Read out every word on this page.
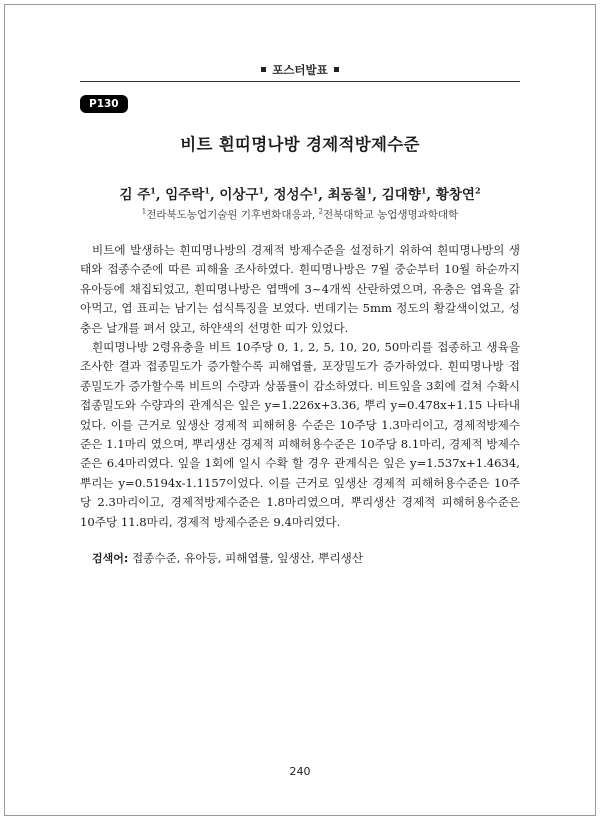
포스터발표
P130
비트 흰띠명나방 경제적방제수준
김 주$^1$, 임주락$^1$, 이상구$^1$, 정성수$^1$, 최동칠$^1$, 김대향$^1$, 황창연$^2$
$^1$전라북도농업기술원 기후변화대응과, $^2$전북대학교 농업생명과학대학

비트에 발생하는 흰띠명나방의 경제적 방제수준을 설정하기 위하여 흰띠명나방의 생태와 접종수준에 따른 피해율 조사하였다. 흰띠명나방은 7월 중순부터 10월 하순까지 유아등에 채집되었고, 흰띠명나방은 엽맥에 3~4개씩 산란하였으며, 유충은 엽육을 갉아먹고, 엽 표피는 남기는 섭식특징을 보였다. 번데기는 5mm 정도의 황갈색이었고, 성충은 날개를 펴서 앉고, 하얀색의 선명한 띠가 있었다.

흰띠명나방 2령유충을 비트 10주당 0, 1, 2, 5, 10, 20, 50마리를 접종하고 생육을 조사한 결과 접종밀도가 증가할수록 피해엽률, 포장밀도가 증가하였다. 흰띠명나방 접종밀도가 증가할수록 비트의 수량과 상품률이 감소하였다. 비트잎을 3회에 걸쳐 수확시 접종밀도와 수량과의 관계식은 잎은 y=1.226x+3.36, 뿌리 y=0.478x+1.15 나타내었다. 이를 근거로 잎생산 경제적 피해허용 수준은 10주당 1.3마리이고, 경제적방제수준은 1.1마리 였으며, 뿌리생산 경제적 피해허용수준은 10주당 8.1마리, 경제적 방제수준은 6.4마리였다. 잎을 1회에 일시 수확 할 경우 관계식은 잎은 y=1.537x+1.4634, 뿌리는 y=0.5194x-1.1157이었다. 이를 근거로 잎생산 경제적 피해허용수준은 10주당 2.3마리이고, 경제적방제수준은 1.8마리였으며, 뿌리생산 경제적 피해허용수준은 10주당 11.8마리, 경제적 방제수준은 9.4마리였다.

검색어: 접종수준, 유아등, 피해엽률, 잎생산, 뿌리생산
240
